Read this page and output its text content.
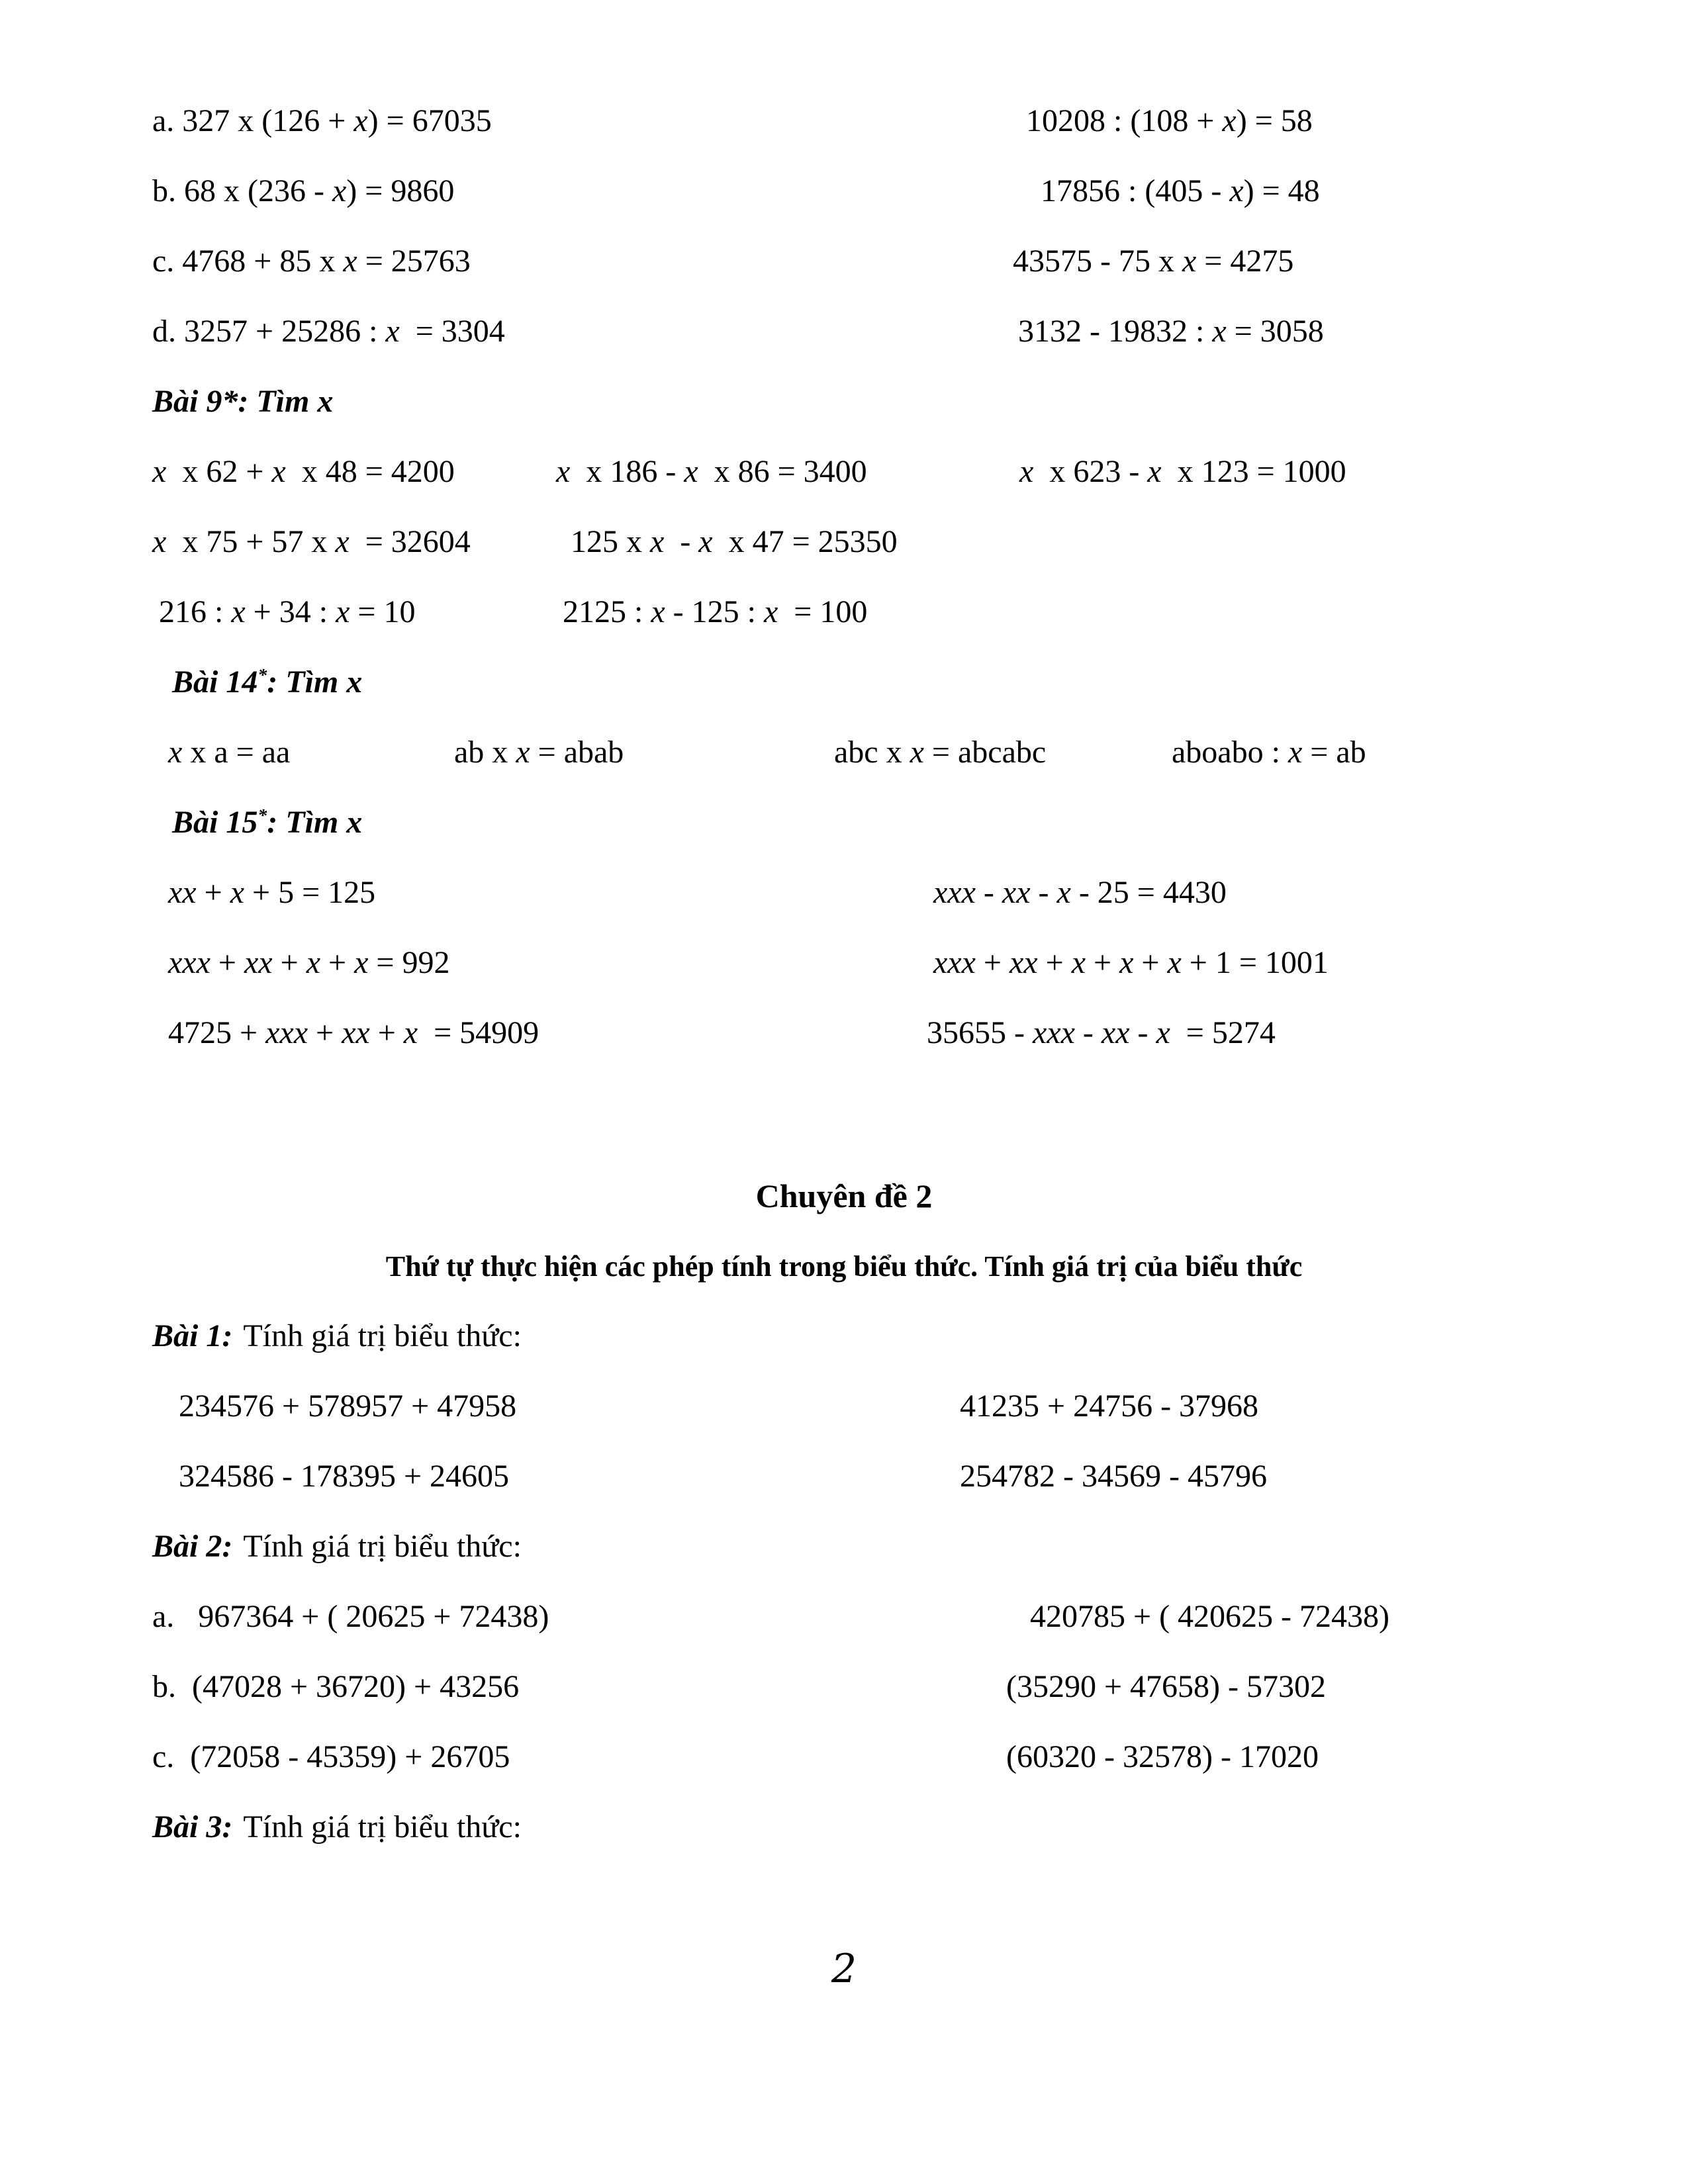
a. 327 x (126 + x) = 67035	10208 : (108 + x) = 58
b. 68 x (236 - x) = 9860	17856 : (405 - x) = 48
c. 4768 + 85 x x = 25763	43575 - 75 x x = 4275
d. 3257 + 25286 : x  = 3304	3132 - 19832 : x = 3058
Bài 9*: Tìm x
x  x 62 + x  x 48 = 4200	x  x 186 - x  x 86 = 3400	x  x 623 - x  x 123 = 1000
x  x 75 + 57 x x  = 32604	125 x x  - x  x 47 = 25350
216 : x + 34 : x = 10	2125 : x - 125 : x  = 100
Bài 14*: Tìm x
x x a = aa	ab x x = abab	abc x x = abcabc	aboabo : x = ab
Bài 15*: Tìm x
xx + x + 5 = 125	xxx - xx - x - 25 = 4430
xxx + xx + x + x = 992	xxx + xx + x + x + x + 1 = 1001
4725 + xxx + xx + x  = 54909	35655 - xxx - xx - x  = 5274
Chuyên đề 2
Thứ tự thực hiện các phép tính trong biểu thức. Tính giá trị của biểu thức
Bài 1: Tính giá trị biểu thức:
234576 + 578957 + 47958	41235 + 24756 - 37968
324586 - 178395 + 24605	254782 - 34569 - 45796
Bài 2: Tính giá trị biểu thức:
a.   967364 + ( 20625 + 72438)	420785 + ( 420625 - 72438)
b.  (47028 + 36720) + 43256	(35290 + 47658) - 57302
c.  (72058 - 45359) + 26705	(60320 - 32578) - 17020
Bài 3: Tính giá trị biểu thức:
2
